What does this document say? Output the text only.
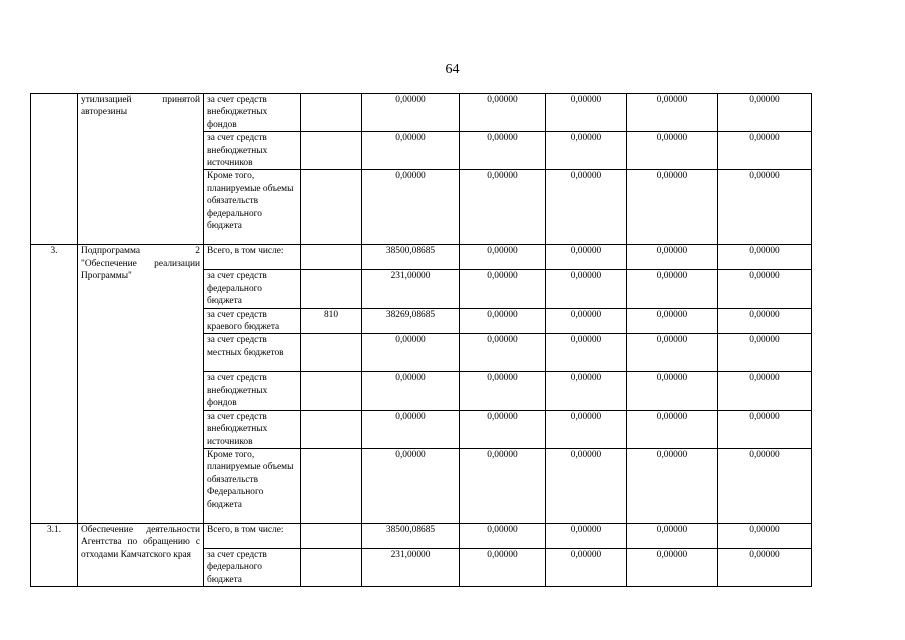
64
	утилизацией принятой авторезины	за счет средств внебюджетных фондов		0,00000	0,00000	0,00000	0,00000	0,00000
		за счет средств внебюджетных источников		0,00000	0,00000	0,00000	0,00000	0,00000
		Кроме того, планируемые объемы обязательств федерального бюджета		0,00000	0,00000	0,00000	0,00000	0,00000
3.	Подпрограмма 2 "Обеспечение реализации Программы"	Всего, в том числе:		38500,08685	0,00000	0,00000	0,00000	0,00000
		за счет средств федерального бюджета		231,00000	0,00000	0,00000	0,00000	0,00000
		за счет средств краевого бюджета	810	38269,08685	0,00000	0,00000	0,00000	0,00000
		за счет средств местных бюджетов		0,00000	0,00000	0,00000	0,00000	0,00000
		за счет средств внебюджетных фондов		0,00000	0,00000	0,00000	0,00000	0,00000
		за счет средств внебюджетных источников		0,00000	0,00000	0,00000	0,00000	0,00000
		Кроме того, планируемые объемы обязательств Федерального бюджета		0,00000	0,00000	0,00000	0,00000	0,00000
3.1.	Обеспечение деятельности Агентства по обращению с отходами Камчатского края	Всего, в том числе:		38500,08685	0,00000	0,00000	0,00000	0,00000
		за счет средств федерального бюджета		231,00000	0,00000	0,00000	0,00000	0,00000
